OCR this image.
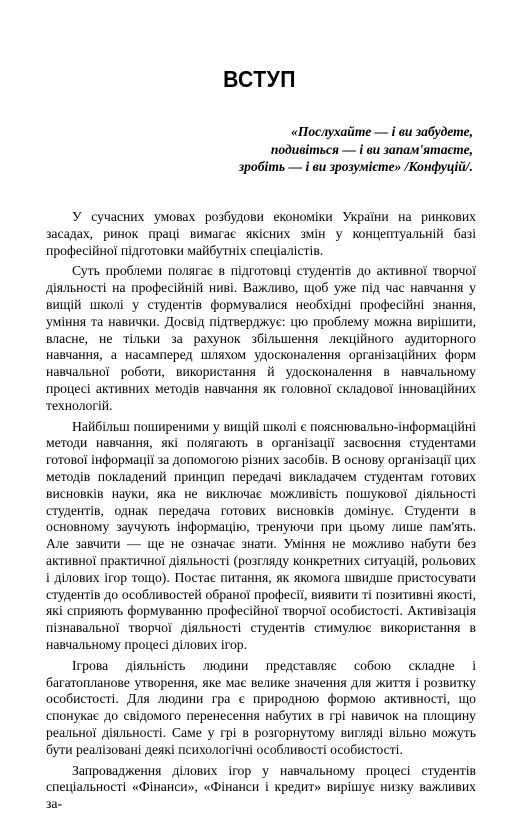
ВСТУП
«Послухайте — і ви забудете,
подивіться — і ви запам'ятаєте,
зробіть — і ви зрозумієте» /Конфуцій/.

У сучасних умовах розбудови економіки України на ринкових засадах, ринок праці вимагає якісних змін у концептуальній базі професійної підготовки майбутніх спеціалістів.

Суть проблеми полягає в підготовці студентів до активної творчої діяльності на професійній ниві. Важливо, щоб уже під час навчання у вищій школі у студентів формувалися необхідні професійні знання, уміння та навички. Досвід підтверджує: цю проблему можна вирішити, власне, не тільки за рахунок збільшення лекційного аудиторного навчання, а насамперед шляхом удосконалення організаційних форм навчальної роботи, використання й удосконалення в навчальному процесі активних методів навчання як головної складової інноваційних технологій.

Найбільш поширеними у вищій школі є пояснювально-інформаційні методи навчання, які полягають в організації засвоєння студентами готової інформації за допомогою різних засобів. В основу організації цих методів покладений принцип передачі викладачем студентам готових висновків науки, яка не виключає можливість пошукової діяльності студентів, однак передача готових висновків домінує. Студенти в основному заучують інформацію, тренуючи при цьому лише пам'ять. Але завчити — ще не означає знати. Уміння не можливо набути без активної практичної діяльності (розгляду конкретних ситуацій, рольових і ділових ігор тощо). Постає питання, як якомога швидше пристосувати студентів до особливостей обраної професії, виявити ті позитивні якості, які сприяють формуванню професійної творчої особистості. Активізація пізнавальної творчої діяльності студентів стимулює використання в навчальному процесі ділових ігор.

Ігрова діяльність людини представляє собою складне і багатопланове утворення, яке має велике значення для життя і розвитку особистості. Для людини гра є природною формою активності, що спонукає до свідомого перенесення набутих в грі навичок на площину реальної діяльності. Саме у грі в розгорнутому вигляді вільно можуть бути реалізовані деякі психологічні особливості особистості.

Запровадження ділових ігор у навчальному процесі студентів спеціальності «Фінанси», «Фінанси і кредит» вирішує низку важливих за-
